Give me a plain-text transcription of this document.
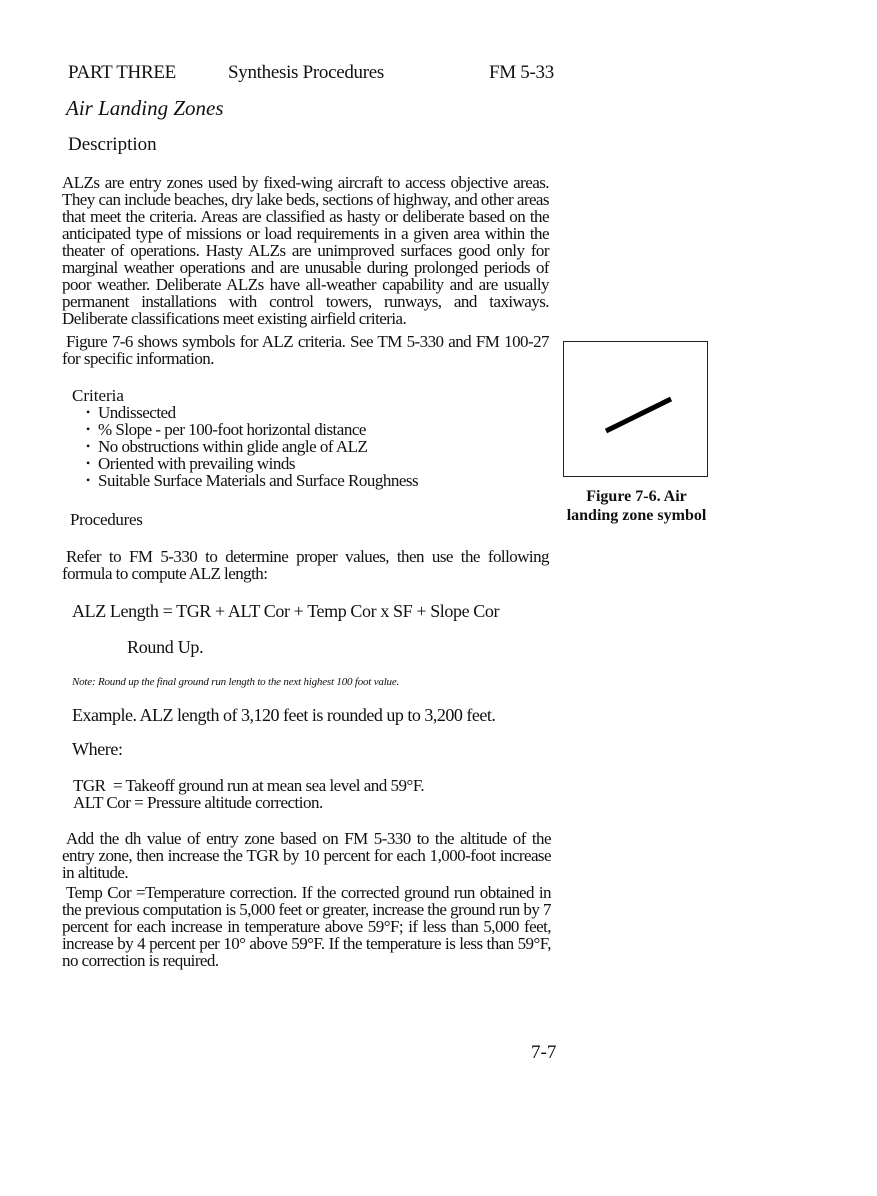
PART THREE	Synthesis Procedures	FM 5-33
Air Landing Zones
Description
ALZs are entry zones used by fixed-wing aircraft to access objective areas. They can include beaches, dry lake beds, sections of highway, and other areas that meet the criteria. Areas are classified as hasty or deliberate based on the anticipated type of missions or load requirements in a given area within the theater of operations. Hasty ALZs are unimproved surfaces good only for marginal weather operations and are unusable during prolonged periods of poor weather. Deliberate ALZs have all-weather capability and are usually permanent installations with control towers, runways, and taxiways. Deliberate classifications meet existing airfield criteria.
Figure 7-6 shows symbols for ALZ criteria. See TM 5-330 and FM 100-27 for specific information.
Criteria
• Undissected
• % Slope - per 100-foot horizontal distance
• No obstructions within glide angle of ALZ
• Oriented with prevailing winds
• Suitable Surface Materials and Surface Roughness
Procedures
Refer to FM 5-330 to determine proper values, then use the following formula to compute ALZ length:
ALZ Length = TGR + ALT Cor + Temp Cor x SF + Slope Cor
Round Up.
Note: Round up the final ground run length to the next highest 100 foot value.
Example. ALZ length of 3,120 feet is rounded up to 3,200 feet.
Where:
TGR  = Takeoff ground run at mean sea level and 59°F.
ALT Cor = Pressure altitude correction.
Add the dh value of entry zone based on FM 5-330 to the altitude of the entry zone, then increase the TGR by 10 percent for each 1,000-foot increase in altitude.
Temp Cor =Temperature correction. If the corrected ground run obtained in the previous computation is 5,000 feet or greater, increase the ground run by 7 percent for each increase in temperature above 59°F; if less than 5,000 feet, increase by 4 percent per 10° above 59°F. If the temperature is less than 59°F, no correction is required.
Figure 7-6. Air
landing zone symbol
7-7
